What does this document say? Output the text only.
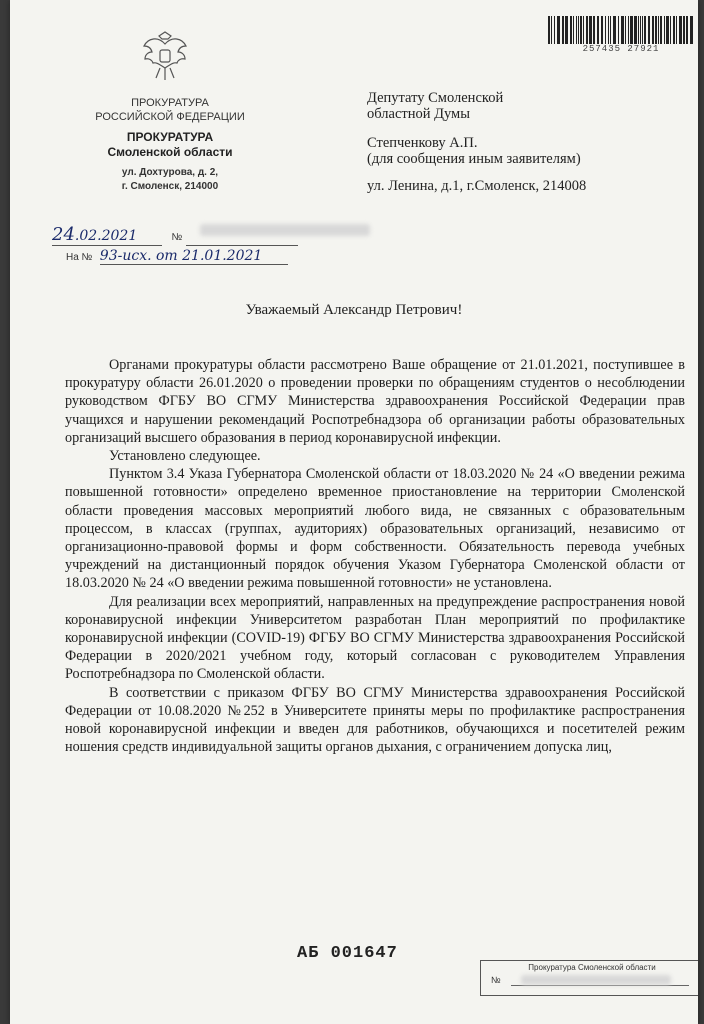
ПРОКУРАТУРА
РОССИЙСКОЙ ФЕДЕРАЦИИ
ПРОКУРАТУРА
Смоленской области
ул. Дохтурова, д. 2,
г. Смоленск, 214000
257435 27921
Депутату Смоленской
областной Думы
Степченкову А.П.
(для сообщения иным заявителям)
ул. Ленина, д.1, г.Смоленск, 214008
24.02.2021	№
На № 93-исх. от 21.01.2021
Уважаемый Александр Петрович!

Органами прокуратуры области рассмотрено Ваше обращение от 21.01.2021, поступившее в прокуратуру области 26.01.2020 о проведении проверки по обращениям студентов о несоблюдении руководством ФГБУ ВО СГМУ Министерства здравоохранения Российской Федерации прав учащихся и нарушении рекомендаций Роспотребнадзора об организации работы образовательных организаций высшего образования в период коронавирусной инфекции.

Установлено следующее.

Пунктом 3.4 Указа Губернатора Смоленской области от 18.03.2020 № 24 «О введении режима повышенной готовности» определено временное приостановление на территории Смоленской области проведения массовых мероприятий любого вида, не связанных с образовательным процессом, в классах (группах, аудиториях) образовательных организаций, независимо от организационно-правовой формы и форм собственности. Обязательность перевода учебных учреждений на дистанционный порядок обучения Указом Губернатора Смоленской области от 18.03.2020 № 24 «О введении режима повышенной готовности» не установлена.

Для реализации всех мероприятий, направленных на предупреждение распространения новой коронавирусной инфекции Университетом разработан План мероприятий по профилактике коронавирусной инфекции (COVID-19) ФГБУ ВО СГМУ Министерства здравоохранения Российской Федерации в 2020/2021 учебном году, который согласован с руководителем Управления Роспотребнадзора по Смоленской области.

В соответствии с приказом ФГБУ ВО СГМУ Министерства здравоохранения Российской Федерации от 10.08.2020 №252 в Университете приняты меры по профилактике распространения новой коронавирусной инфекции и введен для работников, обучающихся и посетителей режим ношения средств индивидуальной защиты органов дыхания, с ограничением допуска лиц,

АБ 001647
Прокуратура Смоленской области
№
